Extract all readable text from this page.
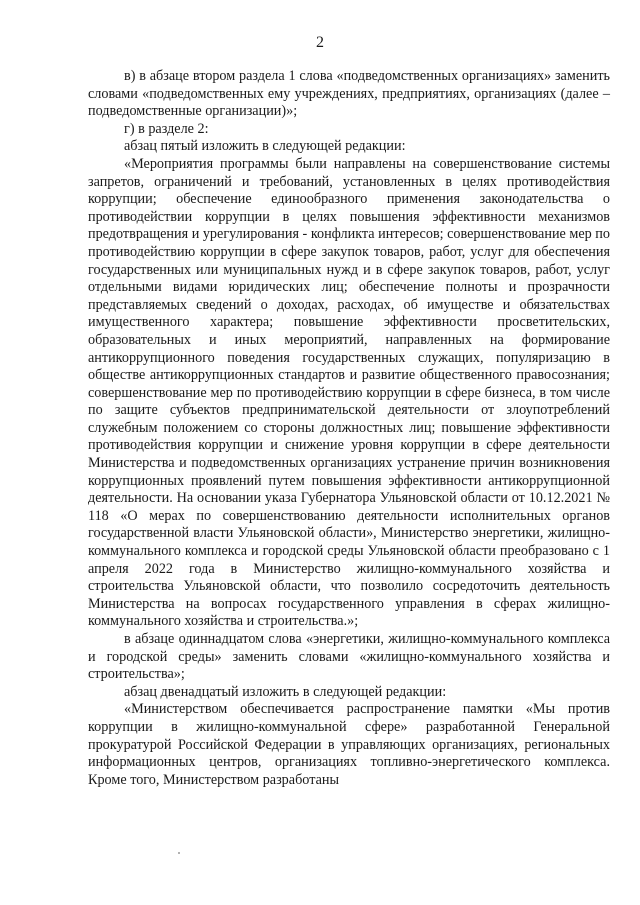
2

в) в абзаце втором раздела 1 слова «подведомственных организациях» заменить словами «подведомственных ему учреждениях, предприятиях, организациях (далее – подведомственные организации)»;

г) в разделе 2:

абзац пятый изложить в следующей редакции:

«Мероприятия программы были направлены на совершенствование системы запретов, ограничений и требований, установленных в целях противодействия коррупции; обеспечение единообразного применения законодательства о противодействии коррупции в целях повышения эффективности механизмов предотвращения и урегулирования - конфликта интересов; совершенствование мер по противодействию коррупции в сфере закупок товаров, работ, услуг для обеспечения государственных или муниципальных нужд и в сфере закупок товаров, работ, услуг отдельными видами юридических лиц; обеспечение полноты и прозрачности представляемых сведений о доходах, расходах, об имуществе и обязательствах имущественного характера; повышение эффективности просветительских, образовательных и иных мероприятий, направленных на формирование антикоррупционного поведения государственных служащих, популяризацию в обществе антикоррупционных стандартов и развитие общественного правосознания; совершенствование мер по противодействию коррупции в сфере бизнеса, в том числе по защите субъектов предпринимательской деятельности от злоупотреблений служебным положением со стороны должностных лиц; повышение эффективности противодействия коррупции и снижение уровня коррупции в сфере деятельности Министерства и подведомственных организациях устранение причин возникновения коррупционных проявлений путем повышения эффективности антикоррупционной деятельности. На основании указа Губернатора Ульяновской области от 10.12.2021 № 118 «О мерах по совершенствованию деятельности исполнительных органов государственной власти Ульяновской области», Министерство энергетики, жилищно-коммунального комплекса и городской среды Ульяновской области преобразовано с 1 апреля 2022 года в Министерство жилищно-коммунального хозяйства и строительства Ульяновской области, что позволило сосредоточить деятельность Министерства на вопросах государственного управления в сферах жилищно-коммунального хозяйства и строительства.»;

в абзаце одиннадцатом слова «энергетики, жилищно-коммунального комплекса и городской среды» заменить словами «жилищно-коммунального хозяйства и строительства»;

абзац двенадцатый изложить в следующей редакции:

«Министерством обеспечивается распространение памятки «Мы против коррупции в жилищно-коммунальной сфере» разработанной Генеральной прокуратурой Российской Федерации в управляющих организациях, региональных информационных центров, организациях топливно-энергетического комплекса. Кроме того, Министерством разработаны
